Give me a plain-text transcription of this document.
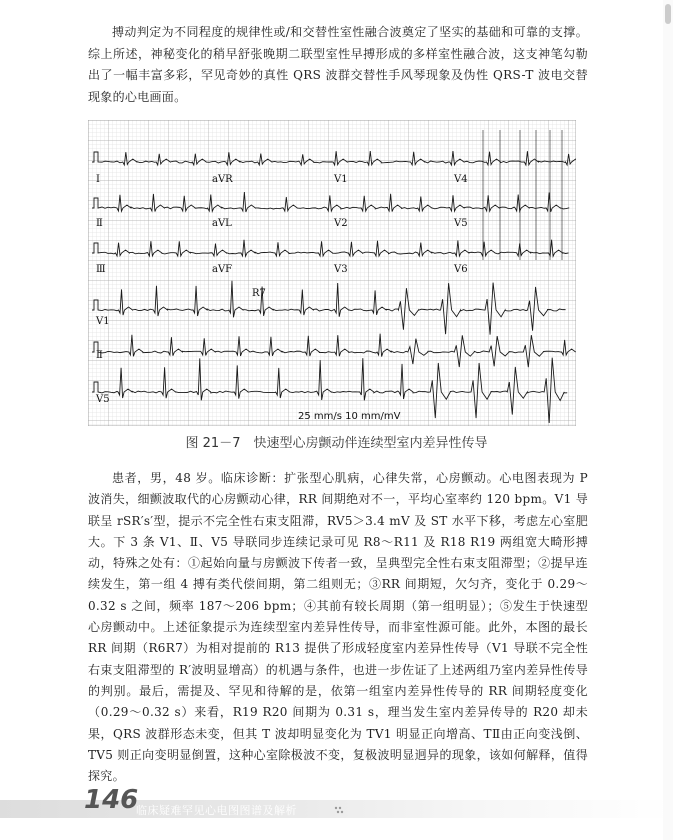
搏动判定为不同程度的规律性或/和交替性室性融合波奠定了坚实的基础和可靠的支撑。综上所述，神秘变化的稍早舒张晚期二联型室性早搏形成的多样室性融合波，这支神笔勾勒出了一幅丰富多彩，罕见奇妙的真性 QRS 波群交替性手风琴现象及伪性 QRS-T 波电交替现象的心电画面。

Ⅰ
Ⅱ
Ⅲ
V1
Ⅱ
V5
aVR
aVL
aVF
V1
V2
V3
V4
V5
V6
R7
25 mm/s 10 mm/mV
图 21－7　快速型心房颤动伴连续型室内差异性传导

患者，男，48 岁。临床诊断：扩张型心肌病，心律失常，心房颤动。心电图表现为 P 波消失，细颤波取代的心房颤动心律，RR 间期绝对不一，平均心室率约 120 bpm。V1 导联呈 rSR′s′型，提示不完全性右束支阻滞，RV5＞3.4 mV 及 ST 水平下移，考虑左心室肥大。下 3 条 V1、Ⅱ、V5 导联同步连续记录可见 R8～R11 及 R18 R19 两组宽大畸形搏动，特殊之处有：①起始向量与房颤波下传者一致，呈典型完全性右束支阻滞型；②提早连续发生，第一组 4 搏有类代偿间期，第二组则无；③RR 间期短，欠匀齐，变化于 0.29～0.32 s 之间，频率 187～206 bpm；④其前有较长周期（第一组明显）；⑤发生于快速型心房颤动中。上述征象提示为连续型室内差异性传导，而非室性源可能。此外，本图的最长 RR 间期（R6R7）为相对提前的 R13 提供了形成轻度室内差异性传导（V1 导联不完全性右束支阻滞型的 R′波明显增高）的机遇与条件，也进一步佐证了上述两组乃室内差异性传导的判别。最后，需提及、罕见和待解的是，依第一组室内差异性传导的 RR 间期轻度变化（0.29～0.32 s）来看，R19 R20 间期为 0.31 s，理当发生室内差异传导的 R20 却未果，QRS 波群形态未变，但其 T 波却明显变化为 TV1 明显正向增高、TⅡ由正向变浅倒、TV5 则正向变明显倒置，这种心室除极波不变，复极波明显迥异的现象，该如何解释，值得探究。

146
临床疑难罕见心电图图谱及解析
